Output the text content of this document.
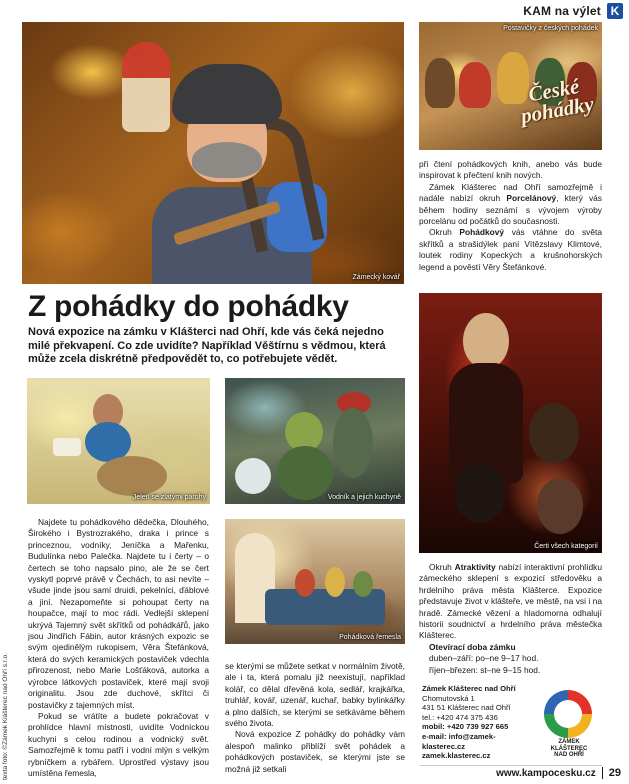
KAM na výlet K
Zámecký kovář
České pohádky
Postavičky z českých pohádek
Z pohádky do pohádky
Nová expozice na zámku v Klášterci nad Ohří, kde vás čeká nejedno milé překvapení. Co zde uvidíte? Například Věštírnu s vědmou, která může zcela diskrétně předpovědět to, co potřebujete vědět.
Jelen se zlatými parohy	Vodník a jejich kuchyně
Pohádková řemesla
Čerti všech kategorií

Najdete tu pohádkového dědečka, Dlouhého, Širokého i Bystrozrakého, draka i prince s princeznou, vodníky, Jeníčka a Mařenku, Budulínka nebo Palečka. Najdete tu i čerty – o čertech se toho napsalo pino, ale že se čert vyskytl poprvé právě v Čechách, to asi nevíte – všude jinde jsou samí druidi, pekelníci, ďáblové a jiní. Nezapomeňte si pohoupat čerty na houpačce, mají to moc rádi. Vedlejší sklepení ukrývá Tajemný svět skřítků od pohádkářů, jako jsou Jindřich Fábin, autor krásných expozic se svým ojedinělým rukopisem, Věra Štefánková, která do svých keramických postaviček vdechla přirozenost, nebo Marie Lošťáková, autorka a výrobce látkových postaviček, které mají svoji originalitu. Jsou zde duchové, skřítci či postavičky z tajemných míst.

Pokud se vrátíte a budete pokračovat v prohlídce hlavní místnosti, uvidíte Vodníckou kuchyni s celou rodinou a vodnický svět. Samozřejmě k tomu patří i vodní mlýn s velkým rybníčkem a rybářem. Uprostřed výstavy jsou umístěna řemesla,

se kterými se můžete setkat v normálním životě, ale i ta, která pomalu již neexistují, například kolář, co dělal dřevěná kola, sedlář, krajkářka, truhlář, kovář, uzenář, kuchař, babky bylinkářky a plno dalších, se kterými se setkáváme během svého života.

Nová expozice Z pohádky do pohádky vám alespoň malinko přiblíží svět pohádek a pohádkových postaviček, se kterými jste se možná již setkali

při čtení pohádkových knih, anebo vás bude inspirovat k přečtení knih nových.

Zámek Klášterec nad Ohří samozřejmě i nadále nabízí okruh Porcelánový, který vás během hodiny seznámí s vývojem výroby porcelánu od počátků do současnosti.

Okruh Pohádkový vás vtáhne do světa skřítků a strašidýlek paní Vítězslavy Klimtové, loutek rodiny Kopeckých a krušnohorských legend a pověstí Věry Štefánkové.

Okruh Atraktivity nabízí interaktivní prohlídku zámeckého sklepení s expozicí středověku a hrdelního práva města Klášterce. Expozice představuje život v klášteře, ve městě, na vsi i na hradě. Zámecké vězení a hladomorna odhalují historii soudnictví a hrdelního práva městečka Klášterec.

Otevírací doba zámku

duben–září: po–ne 9–17 hod.

říjen–březen: st–ne 9–15 hod.

Zámek Klášterec nad Ohří
Chomutovská 1
431 51 Klášterec nad Ohří
tel.: +420 474 375 436
mobil: +420 739 927 665
e-mail: info@zamek-klasterec.cz
zamek.klasterec.cz
ZÁMEK
KLÁŠTEREC
NAD OHŘÍ
texta foto: ©Zámek Klášterec nad Ohří s.r.o.	www.kampocesku.cz 29
